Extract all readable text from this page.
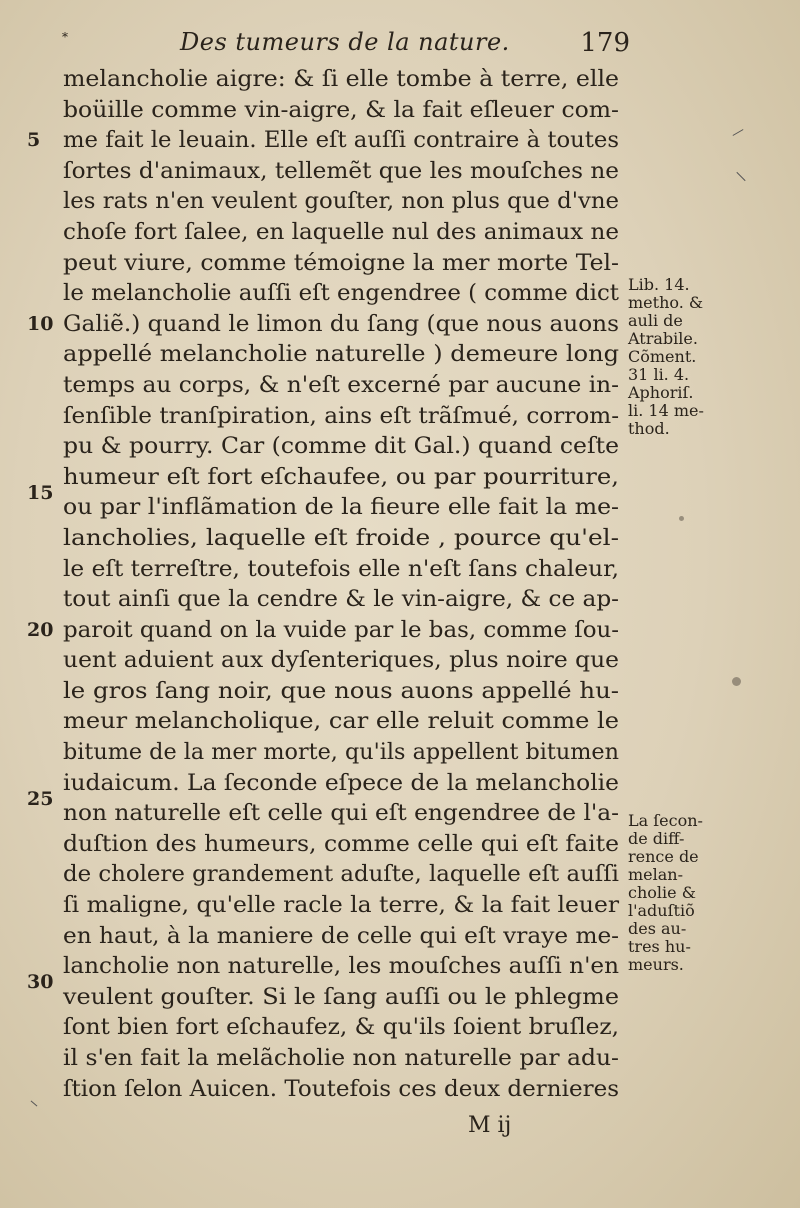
*	Des tumeurs de la nature.	179
melancholie aigre: & ſi elle tombe à terre, elle
boüille comme vin-aigre, & la fait eſleuer com-
5	me fait le leuain. Elle eſt auſſi contraire à toutes
ſortes d'animaux, tellemẽt que les mouſches ne
les rats n'en veulent gouſter, non plus que d'vne
choſe fort ſalee, en laquelle nul des animaux ne
peut viure, comme témoigne la mer morte Tel-
le melancholie auſſi eſt engendree ( comme dict
10 Galiẽ.) quand le limon du ſang (que nous auons
appellé melancholie naturelle ) demeure long
temps au corps, & n'eſt excerné par aucune in-
ſenſible tranſpiration, ains eſt trãſmué, corrom-
pu & pourry. Car (comme dit Gal.) quand ceſte
15
humeur eſt fort eſchaufee, ou par pourriture,
ou par l'inflãmation de la fieure elle fait la me-
lancholies, laquelle eſt froide , pource qu'el-
le eſt terreſtre, toutefois elle n'eſt ſans chaleur,
tout ainſi que la cendre & le vin-aigre, & ce ap-
20 paroit quand on la vuide par le bas, comme ſou-
uent aduient aux dyſenteriques, plus noire que
le gros ſang noir, que nous auons appellé hu-
meur melancholique, car elle reluit comme le
bitume de la mer morte, qu'ils appellent bitumen
25
iudaicum. La ſeconde eſpece de la melancholie
non naturelle eſt celle qui eſt engendree de l'a-
duſtion des humeurs, comme celle qui eſt faite
de cholere grandement aduſte, laquelle eſt auſſi
ſi maligne, qu'elle racle la terre, & la fait leuer
en haut, à la maniere de celle qui eſt vraye me-
30
lancholie non naturelle, les mouſches auſſi n'en
veulent gouſter. Si le ſang auſſi ou le phlegme
ſont bien fort eſchaufez, & qu'ils ſoient bruſlez,
il s'en fait la melãcholie non naturelle par adu-
ſtion ſelon Auicen. Toutefois ces deux dernieres
Lib. 14.
metho. &
auli de
Atrabile.
Cõment.
31 li. 4.
Aphoriſ.
li. 14 me-
thod.
La ſecon-
de diff-
rence de
melan-
cholie &
l'aduſtiõ
des au-
tres hu-
meurs.
M ij
